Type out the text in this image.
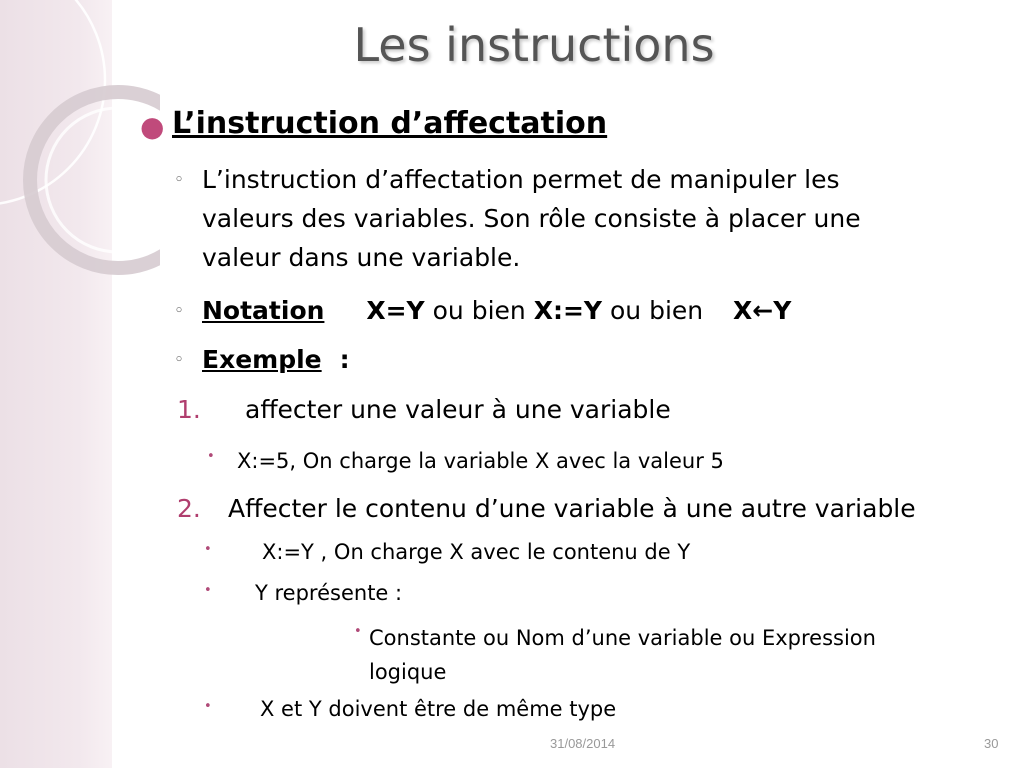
Les instructions
● L’instruction d’affectation
◦ L’instruction d’affectation permet de manipuler les
valeurs des variables. Son rôle consiste à placer une
valeur dans une variable.
◦ Notation X=Y ou bien X:=Y ou bien X←Y
◦ Exemple :
1. affecter une valeur à une variable
• X:=5, On charge la variable X avec la valeur 5
2. Affecter le contenu d’une variable à une autre variable
• X:=Y , On charge X avec le contenu de Y
• Y représente :
• Constante ou Nom d’une variable ou Expression
logique
• X et Y doivent être de même type
31/08/2014	30
